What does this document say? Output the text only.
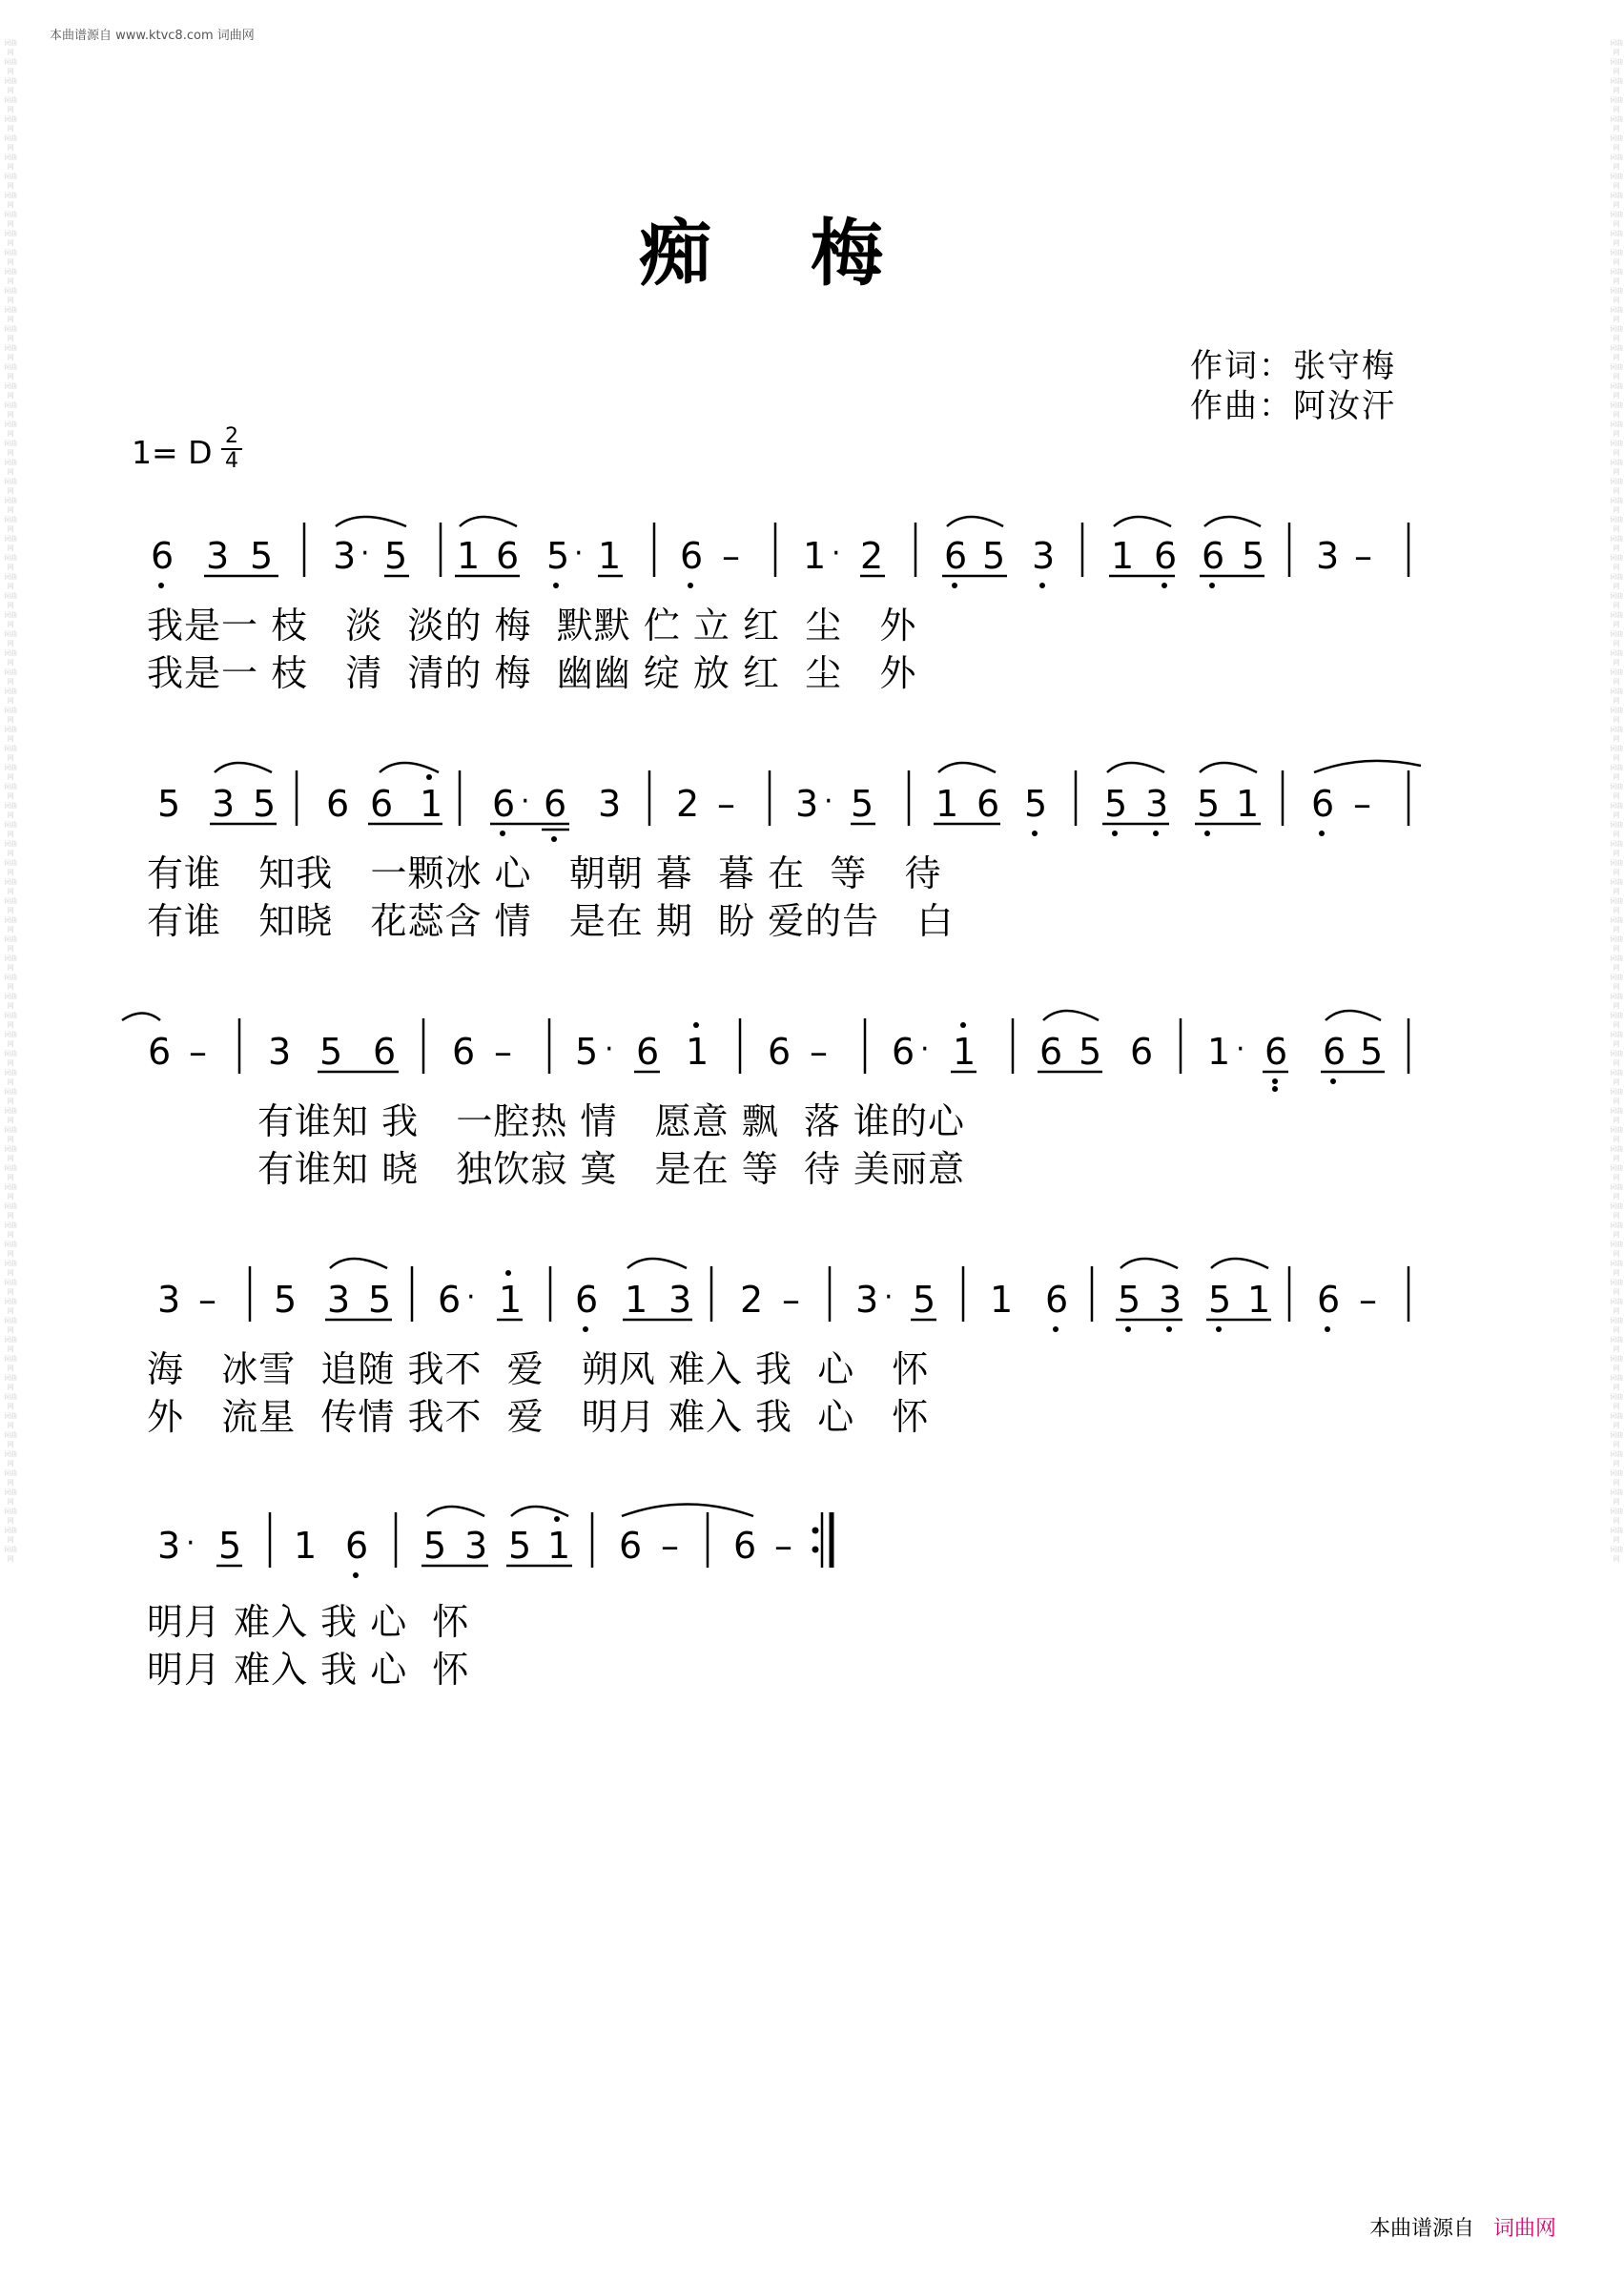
词曲网 词曲网 词曲网 词曲网 词曲网 词曲网 词曲网 词曲网 词曲网 词曲网 词曲网 词曲网 词曲网 词曲网 词曲网 词曲网 词曲网 词曲网 词曲网 词曲网 词曲网 词曲网 词曲网 词曲网 词曲网 词曲网 词曲网 词曲网 词曲网 词曲网 词曲网 词曲网 词曲网 词曲网 词曲网 词曲网 词曲网 词曲网 词曲网 词曲网 词曲网 词曲网 词曲网 词曲网 词曲网 词曲网 词曲网 词曲网 词曲网 词曲网 词曲网 词曲网 词曲网 词曲网 词曲网 词曲网 词曲网 词曲网 词曲网 词曲网 词曲网 词曲网 词曲网 词曲网 词曲网 词曲网 词曲网 词曲网 词曲网 词曲网 词曲网 词曲网 词曲网 词曲网 词曲网 词曲网 词曲网 词曲网 词曲网 词曲网
词曲网 词曲网 词曲网 词曲网 词曲网 词曲网 词曲网 词曲网 词曲网 词曲网 词曲网 词曲网 词曲网 词曲网 词曲网 词曲网 词曲网 词曲网 词曲网 词曲网 词曲网 词曲网 词曲网 词曲网 词曲网 词曲网 词曲网 词曲网 词曲网 词曲网 词曲网 词曲网 词曲网 词曲网 词曲网 词曲网 词曲网 词曲网 词曲网 词曲网 词曲网 词曲网 词曲网 词曲网 词曲网 词曲网 词曲网 词曲网 词曲网 词曲网 词曲网 词曲网 词曲网 词曲网 词曲网 词曲网 词曲网 词曲网 词曲网 词曲网 词曲网 词曲网 词曲网 词曲网 词曲网 词曲网 词曲网 词曲网 词曲网 词曲网 词曲网 词曲网 词曲网 词曲网 词曲网 词曲网 词曲网 词曲网 词曲网 词曲网
本曲谱源自 www.ktvc8.com 词曲网
痴梅
作词：张守梅
作曲：阿汝汗
1= D 2
4
6 3 5 3 · 5 1 6 5 · 1 6 – 1 · 2 6 5 3 1 6 6 5 3 –
5 3 5 6 6 1 6 · 6 3 2 – 3 · 5 1 6 5 5 3 5 1 6 –
6 – 3 5 6 6 – 5 · 6 1 6 – 6 · 1 6 5 6 1 · 6 6 5
3 – 5 3 5 6 · 1 6 1 3 2 – 3 · 5 1 6 5 3 5 1 6 –
3 · 5 1 6 5 3 5 1 6 – 6 –
我是一 枝   淡  淡的 梅  默默 伫 立 红  尘   外
我是一 枝   清  清的 梅  幽幽 绽 放 红  尘   外
有谁   知我   一颗冰 心   朝朝 暮  暮 在  等   待
有谁   知晓   花蕊含 情   是在 期  盼 爱的告   白
有谁知 我   一腔热 情   愿意 飘  落 谁的心
有谁知 晓   独饮寂 寞   是在 等  待 美丽意
海   冰雪  追随 我不  爱   朔风 难入 我  心   怀
外   流星  传情 我不  爱   明月 难入 我  心   怀
明月 难入 我 心  怀
明月 难入 我 心  怀
本曲谱源自 词曲网
